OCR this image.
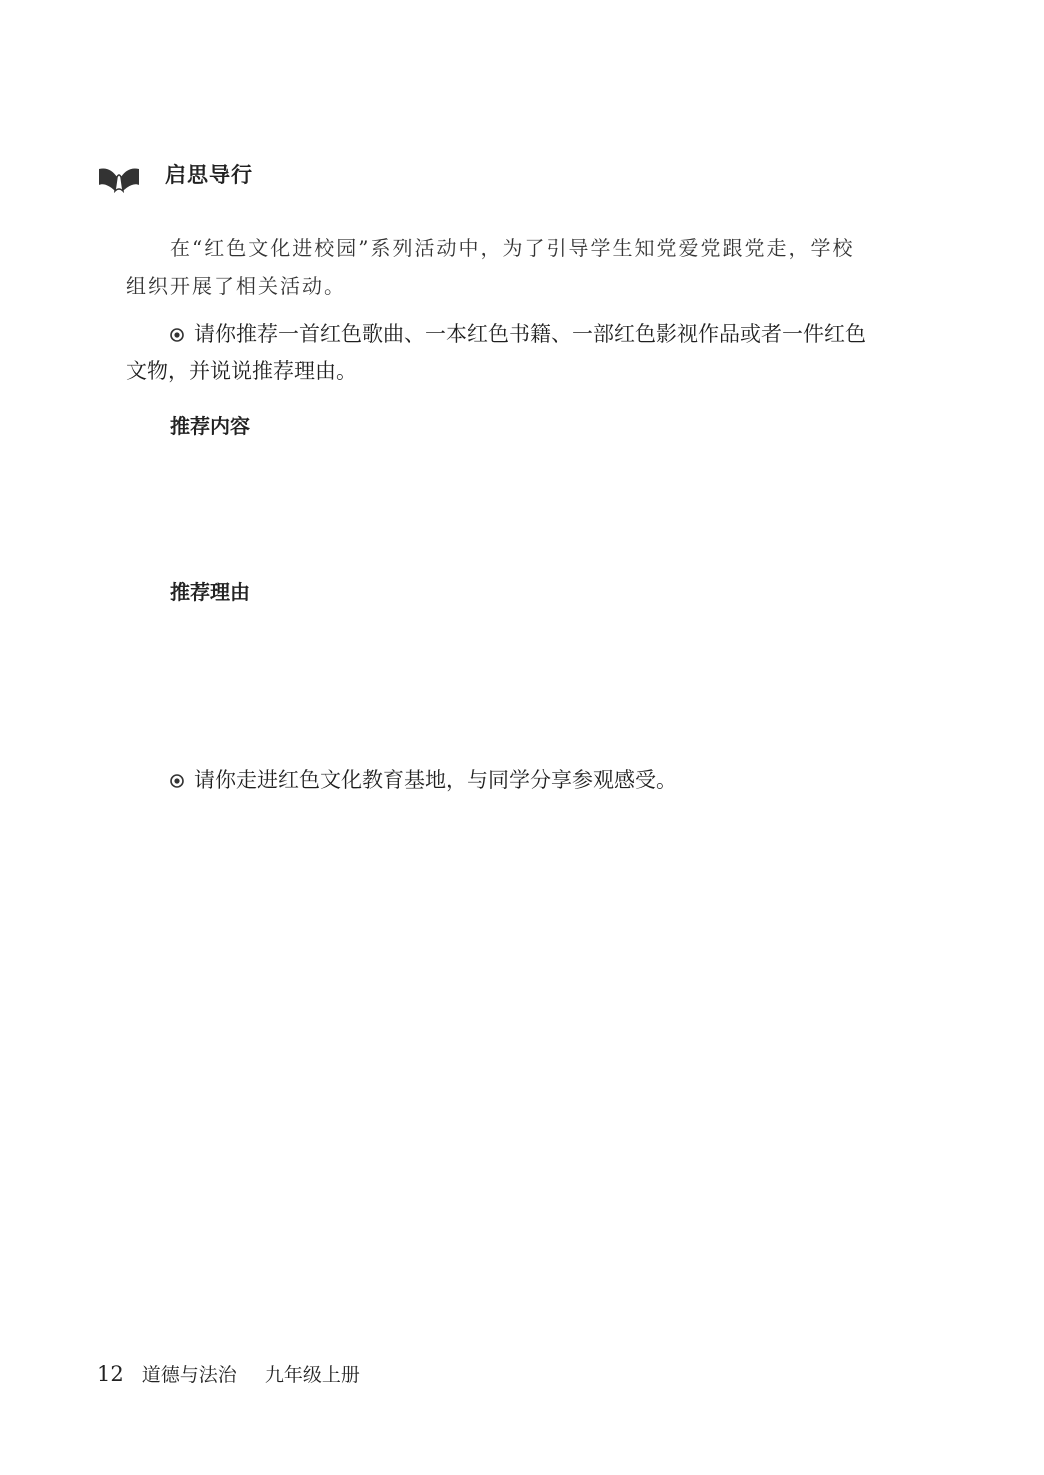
启思导行

在“红色文化进校园”系列活动中，为了引导学生知党爱党跟党走，学校组织开展了相关活动。

请你推荐一首红色歌曲、一本红色书籍、一部红色影视作品或者一件红色文物，并说说推荐理由。

推荐内容
推荐理由

请你走进红色文化教育基地，与同学分享参观感受。

12 道德与法治 九年级上册
